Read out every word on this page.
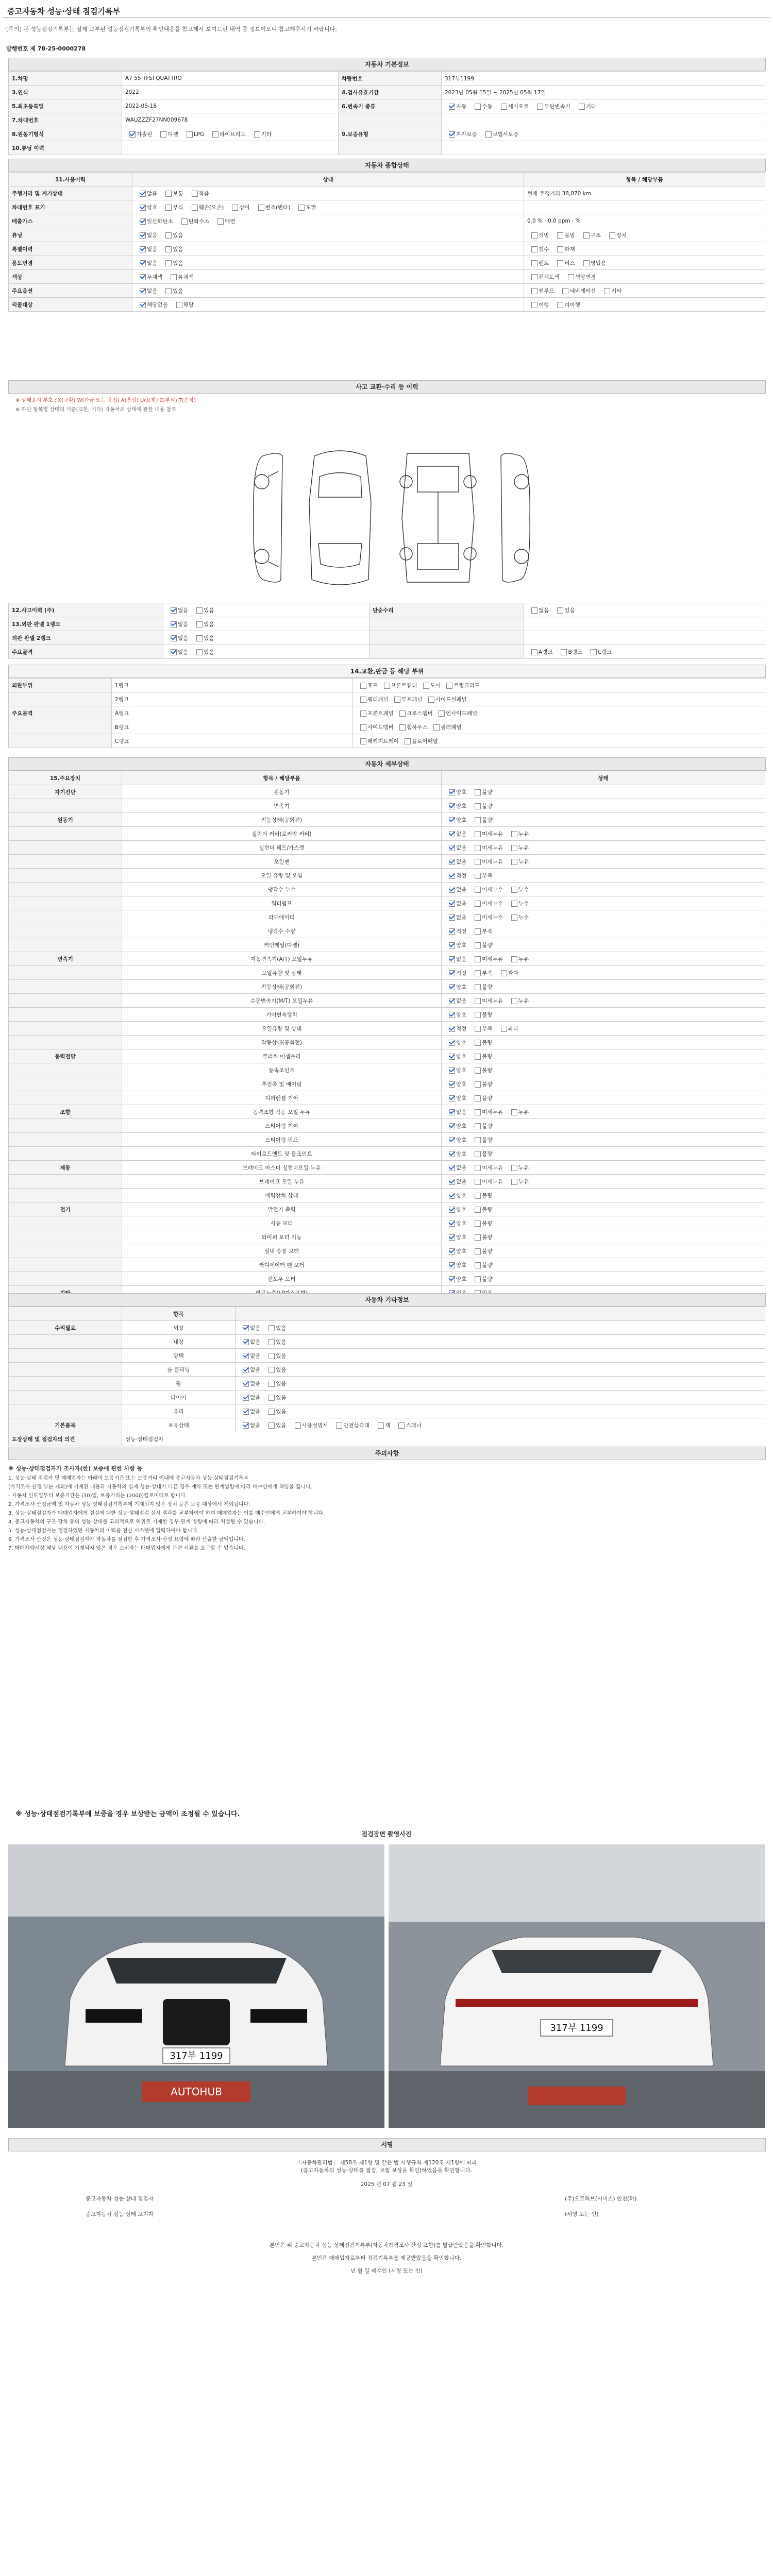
중고자동차 성능·상태 점검기록부
[주의] 본 성능점검기록부는 실제 교부된 성능점검기록부의 확인내용을 참고해서 보여드린 내역 중 정보이오니 참고해주시기 바랍니다.
발행번호 제 78-25-0000278
자동차 기본정보
1.차명	A7 55 TFSI QUATTRO	차량번호	317부1199
3.연식	2022	4.검사유효기간	2023년 05월 15일 ~ 2025년 05월 17일
5.최초등록일	2022-05-18	6.변속기 종류	자동 수동 세미오토 무단변속기 기타
7.차대번호	WAUZZZF27NN009678		
8.원동기형식	가솔린 디젤 LPG 하이브리드 기타	9.보증유형	자가보증 보험사보증
10.튜닝 이력			
자동차 종합상태
11.사용이력	상태	항목 / 해당부품
주행거리 및 계기상태	많음 보통 적음	현재 주행거리 38,070 km
차대번호 표기	양호 부식 훼손(오손) 상이 변조(변타) 도말	
배출가스	일산화탄소 탄화수소 매연	0.0 % · 0.0 ppm · %
튜닝	없음 있음	적법 불법 구조 장치
특별이력	없음 있음	침수 화재
용도변경	없음 있음	렌트 리스 영업용
색상	무채색 유채색	전체도색 색상변경
주요옵션	없음 있음	썬루프 네비게이션 기타
리콜대상	해당없음 해당	이행 미이행
사고 교환·수리 등 이력
※ 상태표시 부호 : X(교환) W(판금 또는 용접) A(흠집) U(요철) C(부식) T(손상)
※ 하단 항목별 상태의 기준(교환, 기타) 자동차의 상태에 관한 내용 참조
12.사고이력 (주)	없음 있음	단순수리	없음 있음
13.외판 판넬 1랭크	없음 있음		
외판 판넬 2랭크	없음 있음		
주요골격	없음 있음		A랭크 B랭크 C랭크
14.교환,판금 등 해당 부위
외판부위	1랭크	후드 프론트휀더 도어 트렁크리드
	2랭크	쿼터패널 루프패널 사이드실패널
주요골격	A랭크	프론트패널 크로스멤버 인사이드패널
	B랭크	사이드멤버 휠하우스 필러패널
	C랭크	패키지트레이 플로어패널
자동차 세부상태
15.주요장치	항목 / 해당부품	상태
자기진단	원동기	양호 불량
	변속기	양호 불량
원동기	작동상태(공회전)	양호 불량
	실린더 커버(로커암 커버)	없음 미세누유 누유
	실린더 헤드/가스켓	없음 미세누유 누유
	오일팬	없음 미세누유 누유
	오일 유량 및 오염	적정 부족
	냉각수 누수	없음 미세누수 누수
	워터펌프	없음 미세누수 누수
	라디에이터	없음 미세누수 누수
	냉각수 수량	적정 부족
	커먼레일(디젤)	양호 불량
변속기	자동변속기(A/T) 오일누유	없음 미세누유 누유
	오일유량 및 상태	적정 부족 과다
	작동상태(공회전)	양호 불량
	수동변속기(M/T) 오일누유	없음 미세누유 누유
	기어변속장치	양호 불량
	오일유량 및 상태	적정 부족 과다
	작동상태(공회전)	양호 불량
동력전달	클러치 어셈블리	양호 불량
	등속조인트	양호 불량
	추진축 및 베어링	양호 불량
	디퍼렌셜 기어	양호 불량
조향	동력조향 작동 오일 누유	없음 미세누유 누유
	스티어링 기어	양호 불량
	스티어링 펌프	양호 불량
	타이로드엔드 및 볼조인트	양호 불량
제동	브레이크 마스터 실린더오일 누유	없음 미세누유 누유
	브레이크 오일 누유	없음 미세누유 누유
	배력장치 상태	양호 불량
전기	발전기 출력	양호 불량
	시동 모터	양호 불량
	와이퍼 모터 기능	양호 불량
	실내 송풍 모터	양호 불량
	라디에이터 팬 모터	양호 불량
	윈도우 모터	양호 불량

자동차 기타정보
	항목	
수리필요	외장	없음 있음
	내장	없음 있음
	광택	없음 있음
	룸 클리닝	없음 있음
	휠	없음 있음
	타이어	없음 있음
	유리	없음 있음
기본품목	보유상태	없음 있음 사용설명서 안전삼각대 잭 스패너
도장상태 및 점검자의 의견	성능·상태점검자	
주의사항
※ 성능·상태점검자가 조사자(한) 보증에 관한 사항 등
1. 성능·상태 점검자 및 매매업자는 아래의 보증기간 또는 보증거리 이내에 중고자동차 성능·상태점검기록부
(가격조사·산정 부분 제외)에 기재된 내용과 자동차의 실제 성능·상태가 다른 경우 계약 또는 관계법령에 따라 매수인에게 책임을 집니다.
- 자동차 인도일부터 보증기간은 (30)일, 보증거리는 (2000)킬로미터로 합니다.
2. 가격조사·산정금액 및 자동차 성능·상태점검기록부에 기재되지 않은 장치 등은 보증 대상에서 제외됩니다.
3. 성능·상태점검자가 매매업자에게 점검에 대한 성능·상태점검 실시 결과를 교부하여야 하며 매매업자는 이를 매수인에게 교부하여야 합니다.
4. 중고자동차의 구조·장치 등의 성능·상태를 고의적으로 허위로 기재한 경우 관계 법령에 따라 처벌될 수 있습니다.
5. 성능·상태점검자는 점검하였던 자동차의 이력을 전산 시스템에 입력하여야 합니다.
6. 가격조사·산정은 성능·상태점검자가 자동차를 점검한 후 가격조사·산정 요령에 따라 산출한 금액입니다.
7. 매매계약서상 해당 내용이 기재되지 않은 경우 소비자는 매매업자에게 관련 서류를 요구할 수 있습니다.
※ 성능·상태점검기록부에 보증을 경우 보상받는 금액이 조정될 수 있습니다.
점검장면 촬영사진
317부 1199
AUTOHUB
317부 1199
서명
「자동차관리법」 제58조 제1항 및 같은 법 시행규칙 제120조 제1항에 따라
(중고자동차의 성능·상태를 점검, 보험 보상을 확인)하였음을 확인합니다.
2025 년 07 월 23 일
중고자동차 성능·상태 점검자	(주)오토허브(서비스) 인천(하)
중고자동차 성능·상태 고지자	(서명 또는 인)
본인은 위 중고자동차 성능·상태점검기록부(자동차가격조사·산정 포함)를 발급받았음을 확인합니다.
본인은 매매업자로부터 점검기록부를 제공받았음을 확인합니다.
년 월 일 매수인 (서명 또는 인)
